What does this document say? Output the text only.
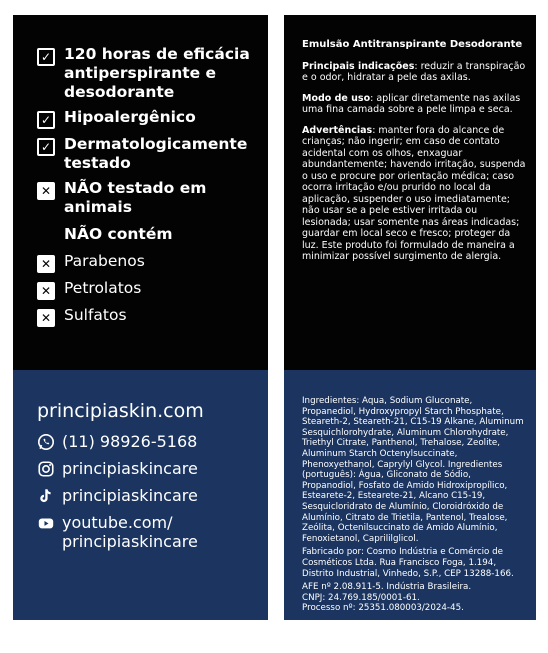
✓ 120 horas de eficácia antiperspirante e desodorante
✓ Hipoalergênico
✓ Dermatologicamente testado
✕ NÃO testado em animais
NÃO contém
✕ Parabenos
✕ Petrolatos
✕ Sulfatos
principiaskin.com
(11) 98926-5168
principiaskincare
principiaskincare
youtube.com/
principiaskincare
Emulsão Antitranspirante Desodorante

Principais indicações: reduzir a transpiração e o odor, hidratar a pele das axilas.

Modo de uso: aplicar diretamente nas axilas uma fina camada sobre a pele limpa e seca.

Advertências: manter fora do alcance de crianças; não ingerir; em caso de contato acidental com os olhos, enxaguar abundantemente; havendo irritação, suspenda o uso e procure por orientação médica; caso ocorra irritação e/ou prurido no local da aplicação, suspender o uso imediatamente; não usar se a pele estiver irritada ou lesionada; usar somente nas áreas indicadas; guardar em local seco e fresco; proteger da luz. Este produto foi formulado de maneira a minimizar possível surgimento de alergia.

Ingredientes: Aqua, Sodium Gluconate, Propanediol, Hydroxypropyl Starch Phosphate, Steareth-2, Steareth-21, C15-19 Alkane, Aluminum Sesquichlorohydrate, Aluminum Chlorohydrate, Triethyl Citrate, Panthenol, Trehalose, Zeolite, Aluminum Starch Octenylsuccinate, Phenoxyethanol, Caprylyl Glycol. Ingredientes (português): Água, Gliconato de Sódio, Propanodiol, Fosfato de Amido Hidroxipropílico, Estearete-2, Estearete-21, Alcano C15-19, Sesquicloridrato de Alumínio, Cloroidróxido de Alumínio, Citrato de Trietila, Pantenol, Trealose, Zeólita, Octenilsuccinato de Amido Alumínio, Fenoxietanol, Caprililglicol.

Fabricado por: Cosmo Indústria e Comércio de Cosméticos Ltda. Rua Francisco Foga, 1.194, Distrito Industrial, Vinhedo, S.P., CEP 13288-166.

AFE nº 2.08.911-5. Indústria Brasileira.

CNPJ: 24.769.185/0001-61.

Processo nº: 25351.080003/2024-45.
